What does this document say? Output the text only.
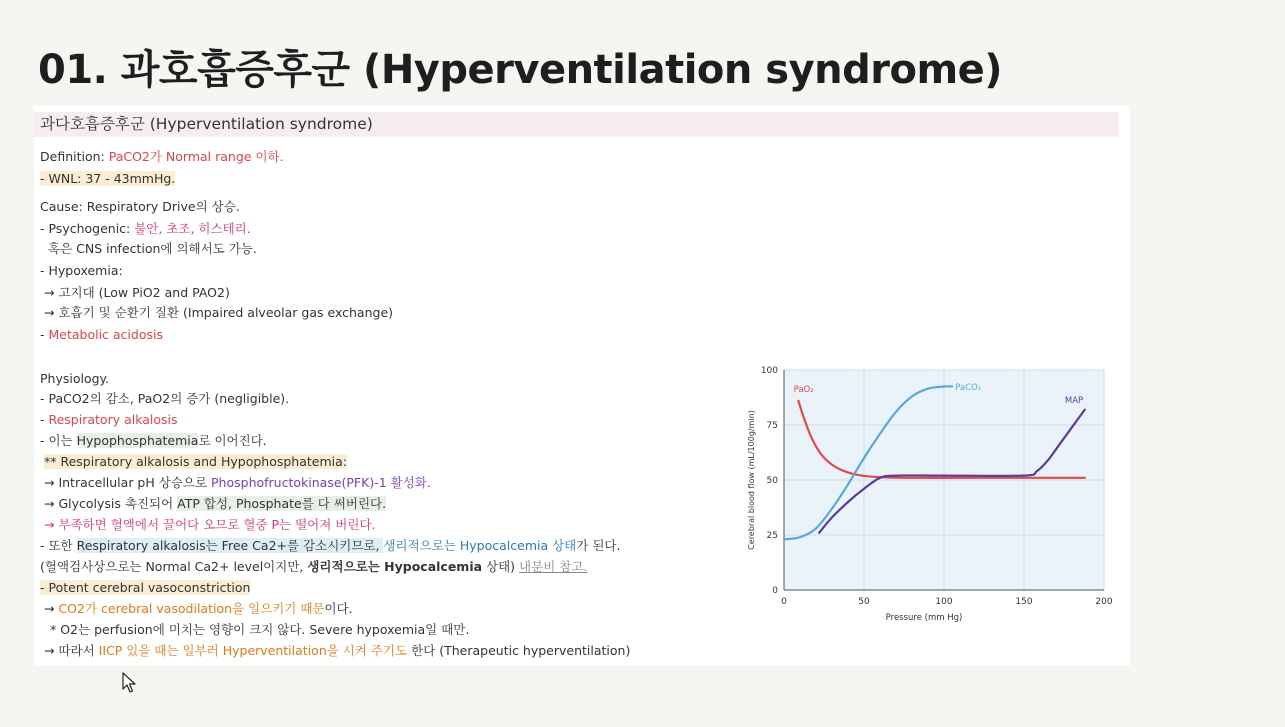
01. 과호흡증후군 (Hyperventilation syndrome)
과다호흡증후군 (Hyperventilation syndrome)
Definition: PaCO2가 Normal range 이하.
- WNL: 37 - 43mmHg.
Cause: Respiratory Drive의 상승.
- Psychogenic: 불안, 초조, 히스테리.
혹은 CNS infection에 의해서도 가능.
- Hypoxemia:
→ 고지대 (Low PiO2 and PAO2)
→ 호흡기 및 순환기 질환 (Impaired alveolar gas exchange)
- Metabolic acidosis
Physiology.
- PaCO2의 감소, PaO2의 증가 (negligible).
- Respiratory alkalosis
- 이는 Hypophosphatemia로 이어진다.
** Respiratory alkalosis and Hypophosphatemia:
→ Intracellular pH 상승으로 Phosphofructokinase(PFK)-1 활성화.
→ Glycolysis 촉진되어 ATP 합성, Phosphate를 다 써버린다.
→ 부족하면 혈액에서 끌어다 오므로 혈중 P는 떨어져 버린다.
- 또한 Respiratory alkalosis는 Free Ca2+를 감소시키므로, 생리적으로는 Hypocalcemia 상태가 된다.
(혈액검사상으로는 Normal Ca2+ level이지만, 생리적으로는 Hypocalcemia 상태) 내분비 참고.
- Potent cerebral vasoconstriction
→ CO2가 cerebral vasodilation을 일으키기 때문이다.
* O2는 perfusion에 미치는 영향이 크지 않다. Severe hypoxemia일 때만.
→ 따라서 IICP 있을 때는 일부러 Hyperventilation을 시켜 주기도 한다 (Therapeutic hyperventilation)
0
25
50
75
100
0	50	100	150	200
Pressure (mm Hg)
Cerebral blood flow (mL/100g/min)
PaO₂	PaCO₂
MAP
